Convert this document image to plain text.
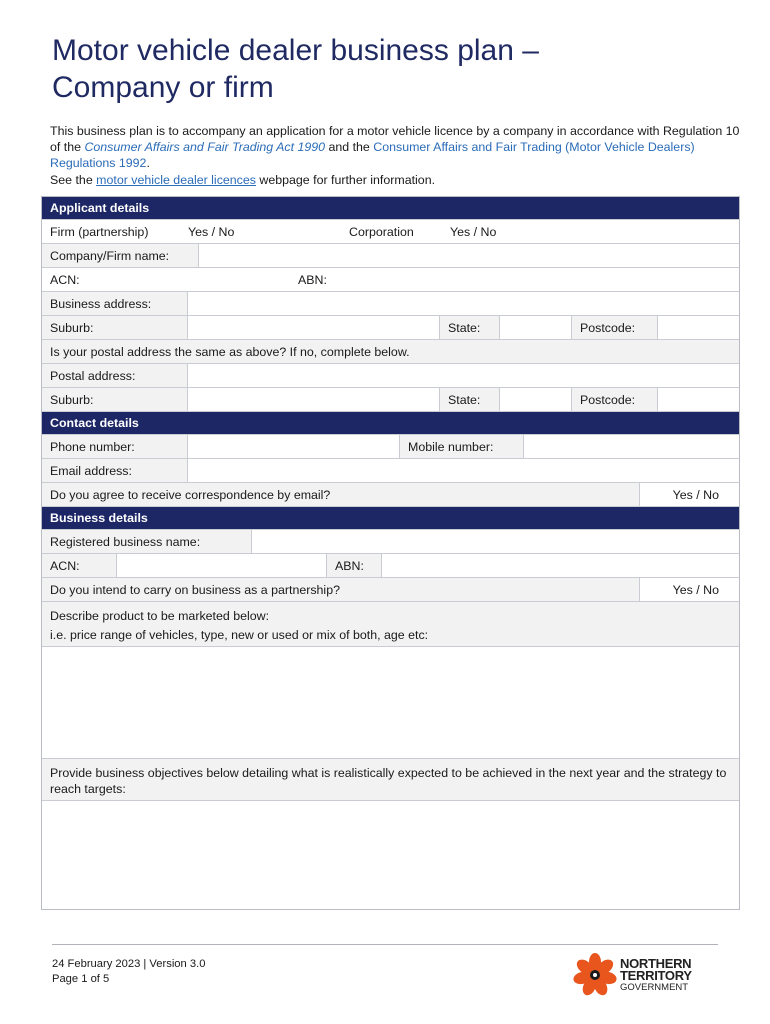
Motor vehicle dealer business plan –
Company or firm

This business plan is to accompany an application for a motor vehicle licence by a company in accordance with Regulation 10 of the Consumer Affairs and Fair Trading Act 1990 and the Consumer Affairs and Fair Trading (Motor Vehicle Dealers) Regulations 1992.

See the motor vehicle dealer licences webpage for further information.

Applicant details
Firm (partnership)	Yes / No	Corporation	Yes / No
Company/Firm name:
ACN:	ABN:
Business address:
Suburb:	State:	Postcode:
Is your postal address the same as above? If no, complete below.
Postal address:
Suburb:	State:	Postcode:
Contact details
Phone number:	Mobile number:
Email address:
Do you agree to receive correspondence by email?	Yes / No
Business details
Registered business name:
ACN:	ABN:
Do you intend to carry on business as a partnership?	Yes / No
Describe product to be marketed below:
i.e. price range of vehicles, type, new or used or mix of both, age etc:
Provide business objectives below detailing what is realistically expected to be achieved in the next year and the strategy to reach targets:
24 February 2023 | Version 3.0
Page 1 of 5
NORTHERN
TERRITORY
GOVERNMENT
